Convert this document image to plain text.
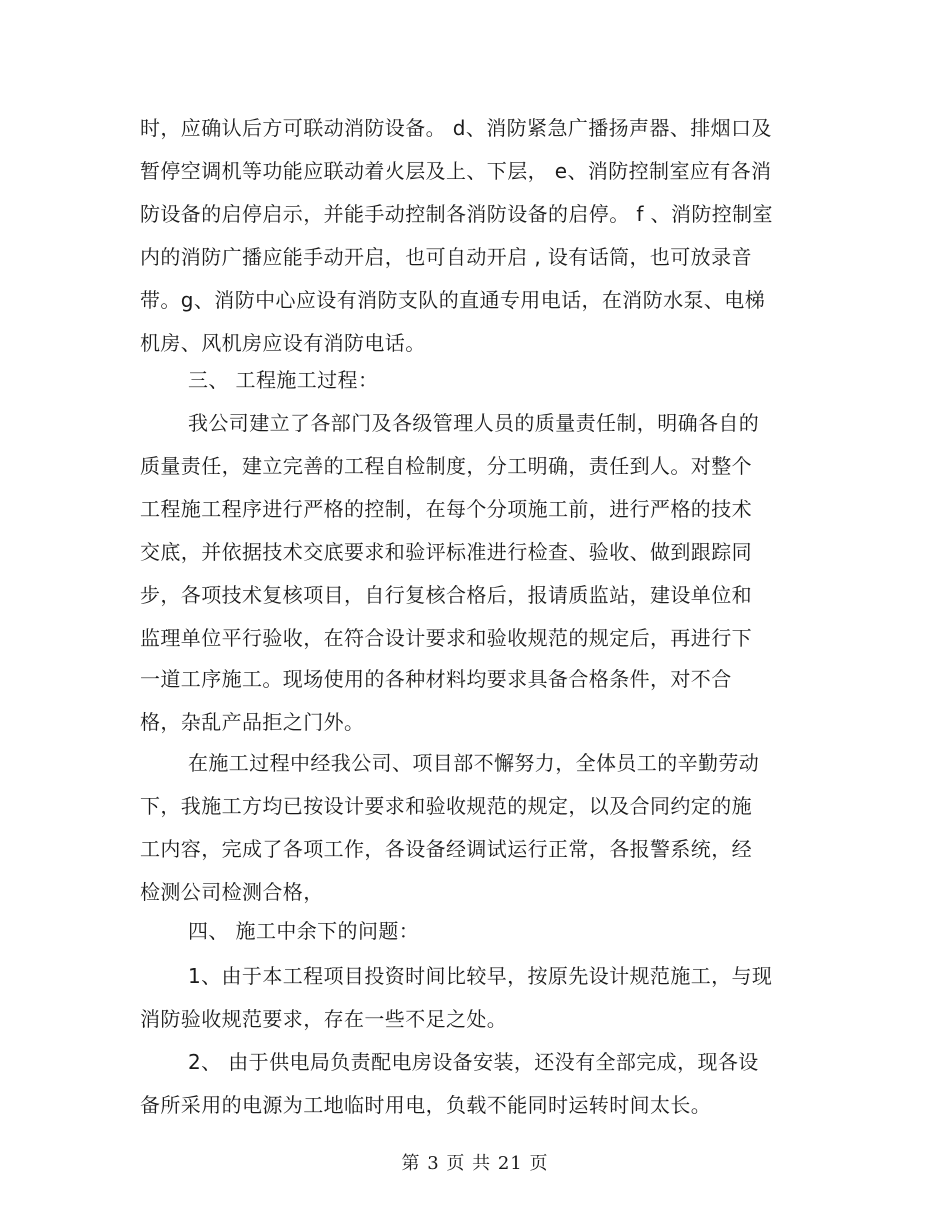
时，应确认后方可联动消防设备。 d、消防紧急广播扬声器、排烟口及
暂停空调机等功能应联动着火层及上、下层， e、消防控制室应有各消
防设备的启停启示，并能手动控制各消防设备的启停。 f 、消防控制室
内的消防广播应能手动开启，也可自动开启 , 设有话筒，也可放录音
带。g、消防中心应设有消防支队的直通专用电话，在消防水泵、电梯
机房、风机房应设有消防电话。
三、 工程施工过程：
我公司建立了各部门及各级管理人员的质量责任制，明确各自的
质量责任，建立完善的工程自检制度，分工明确，责任到人。对整个
工程施工程序进行严格的控制，在每个分项施工前，进行严格的技术
交底，并依据技术交底要求和验评标准进行检查、验收、做到跟踪同
步，各项技术复核项目，自行复核合格后，报请质监站，建设单位和
监理单位平行验收，在符合设计要求和验收规范的规定后，再进行下
一道工序施工。现场使用的各种材料均要求具备合格条件，对不合
格，杂乱产品拒之门外。
在施工过程中经我公司、项目部不懈努力，全体员工的辛勤劳动
下，我施工方均已按设计要求和验收规范的规定，以及合同约定的施
工内容，完成了各项工作，各设备经调试运行正常，各报警系统，经
检测公司检测合格，
四、 施工中余下的问题：
1、由于本工程项目投资时间比较早，按原先设计规范施工，与现
消防验收规范要求，存在一些不足之处。
2、 由于供电局负责配电房设备安装，还没有全部完成，现各设
备所采用的电源为工地临时用电，负载不能同时运转时间太长。
第 3 页 共 21 页
